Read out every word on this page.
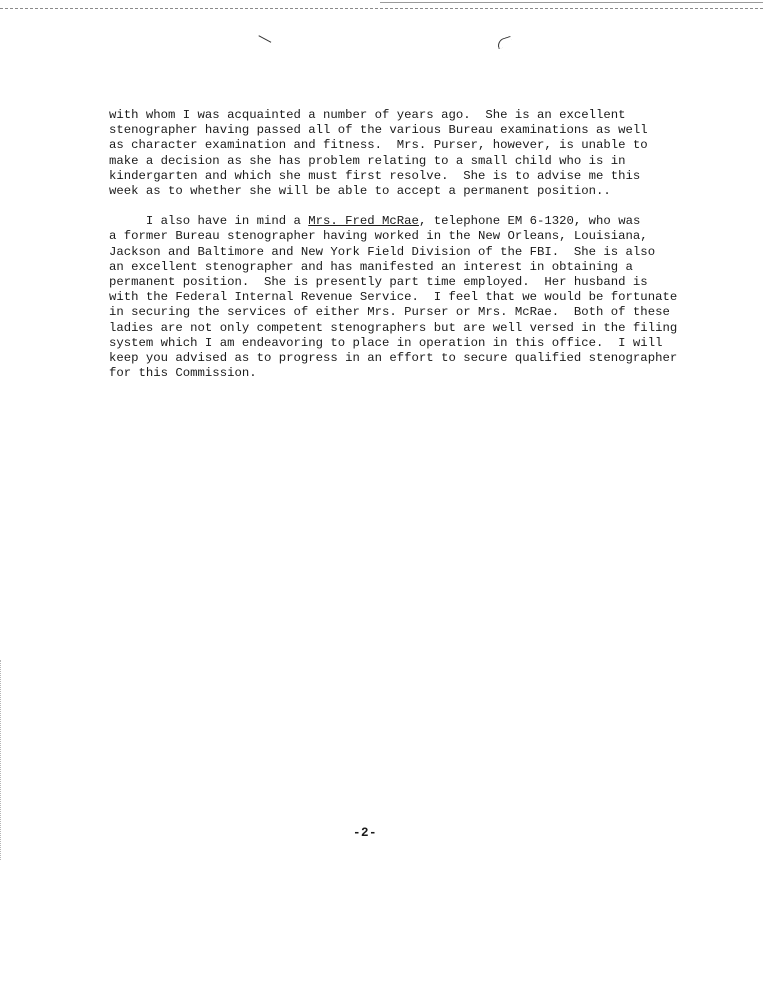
with whom I was acquainted a number of years ago.  She is an excellent
stenographer having passed all of the various Bureau examinations as well
as character examination and fitness.  Mrs. Purser, however, is unable to
make a decision as she has problem relating to a small child who is in
kindergarten and which she must first resolve.  She is to advise me this
week as to whether she will be able to accept a permanent position..

I also have in mind a Mrs. Fred McRae, telephone EM 6-1320, who was
a former Bureau stenographer having worked in the New Orleans, Louisiana,
Jackson and Baltimore and New York Field Division of the FBI.  She is also
an excellent stenographer and has manifested an interest in obtaining a
permanent position.  She is presently part time employed.  Her husband is
with the Federal Internal Revenue Service.  I feel that we would be fortunate
in securing the services of either Mrs. Purser or Mrs. McRae.  Both of these
ladies are not only competent stenographers but are well versed in the filing
system which I am endeavoring to place in operation in this office.  I will
keep you advised as to progress in an effort to secure qualified stenographer
for this Commission.

-2-
